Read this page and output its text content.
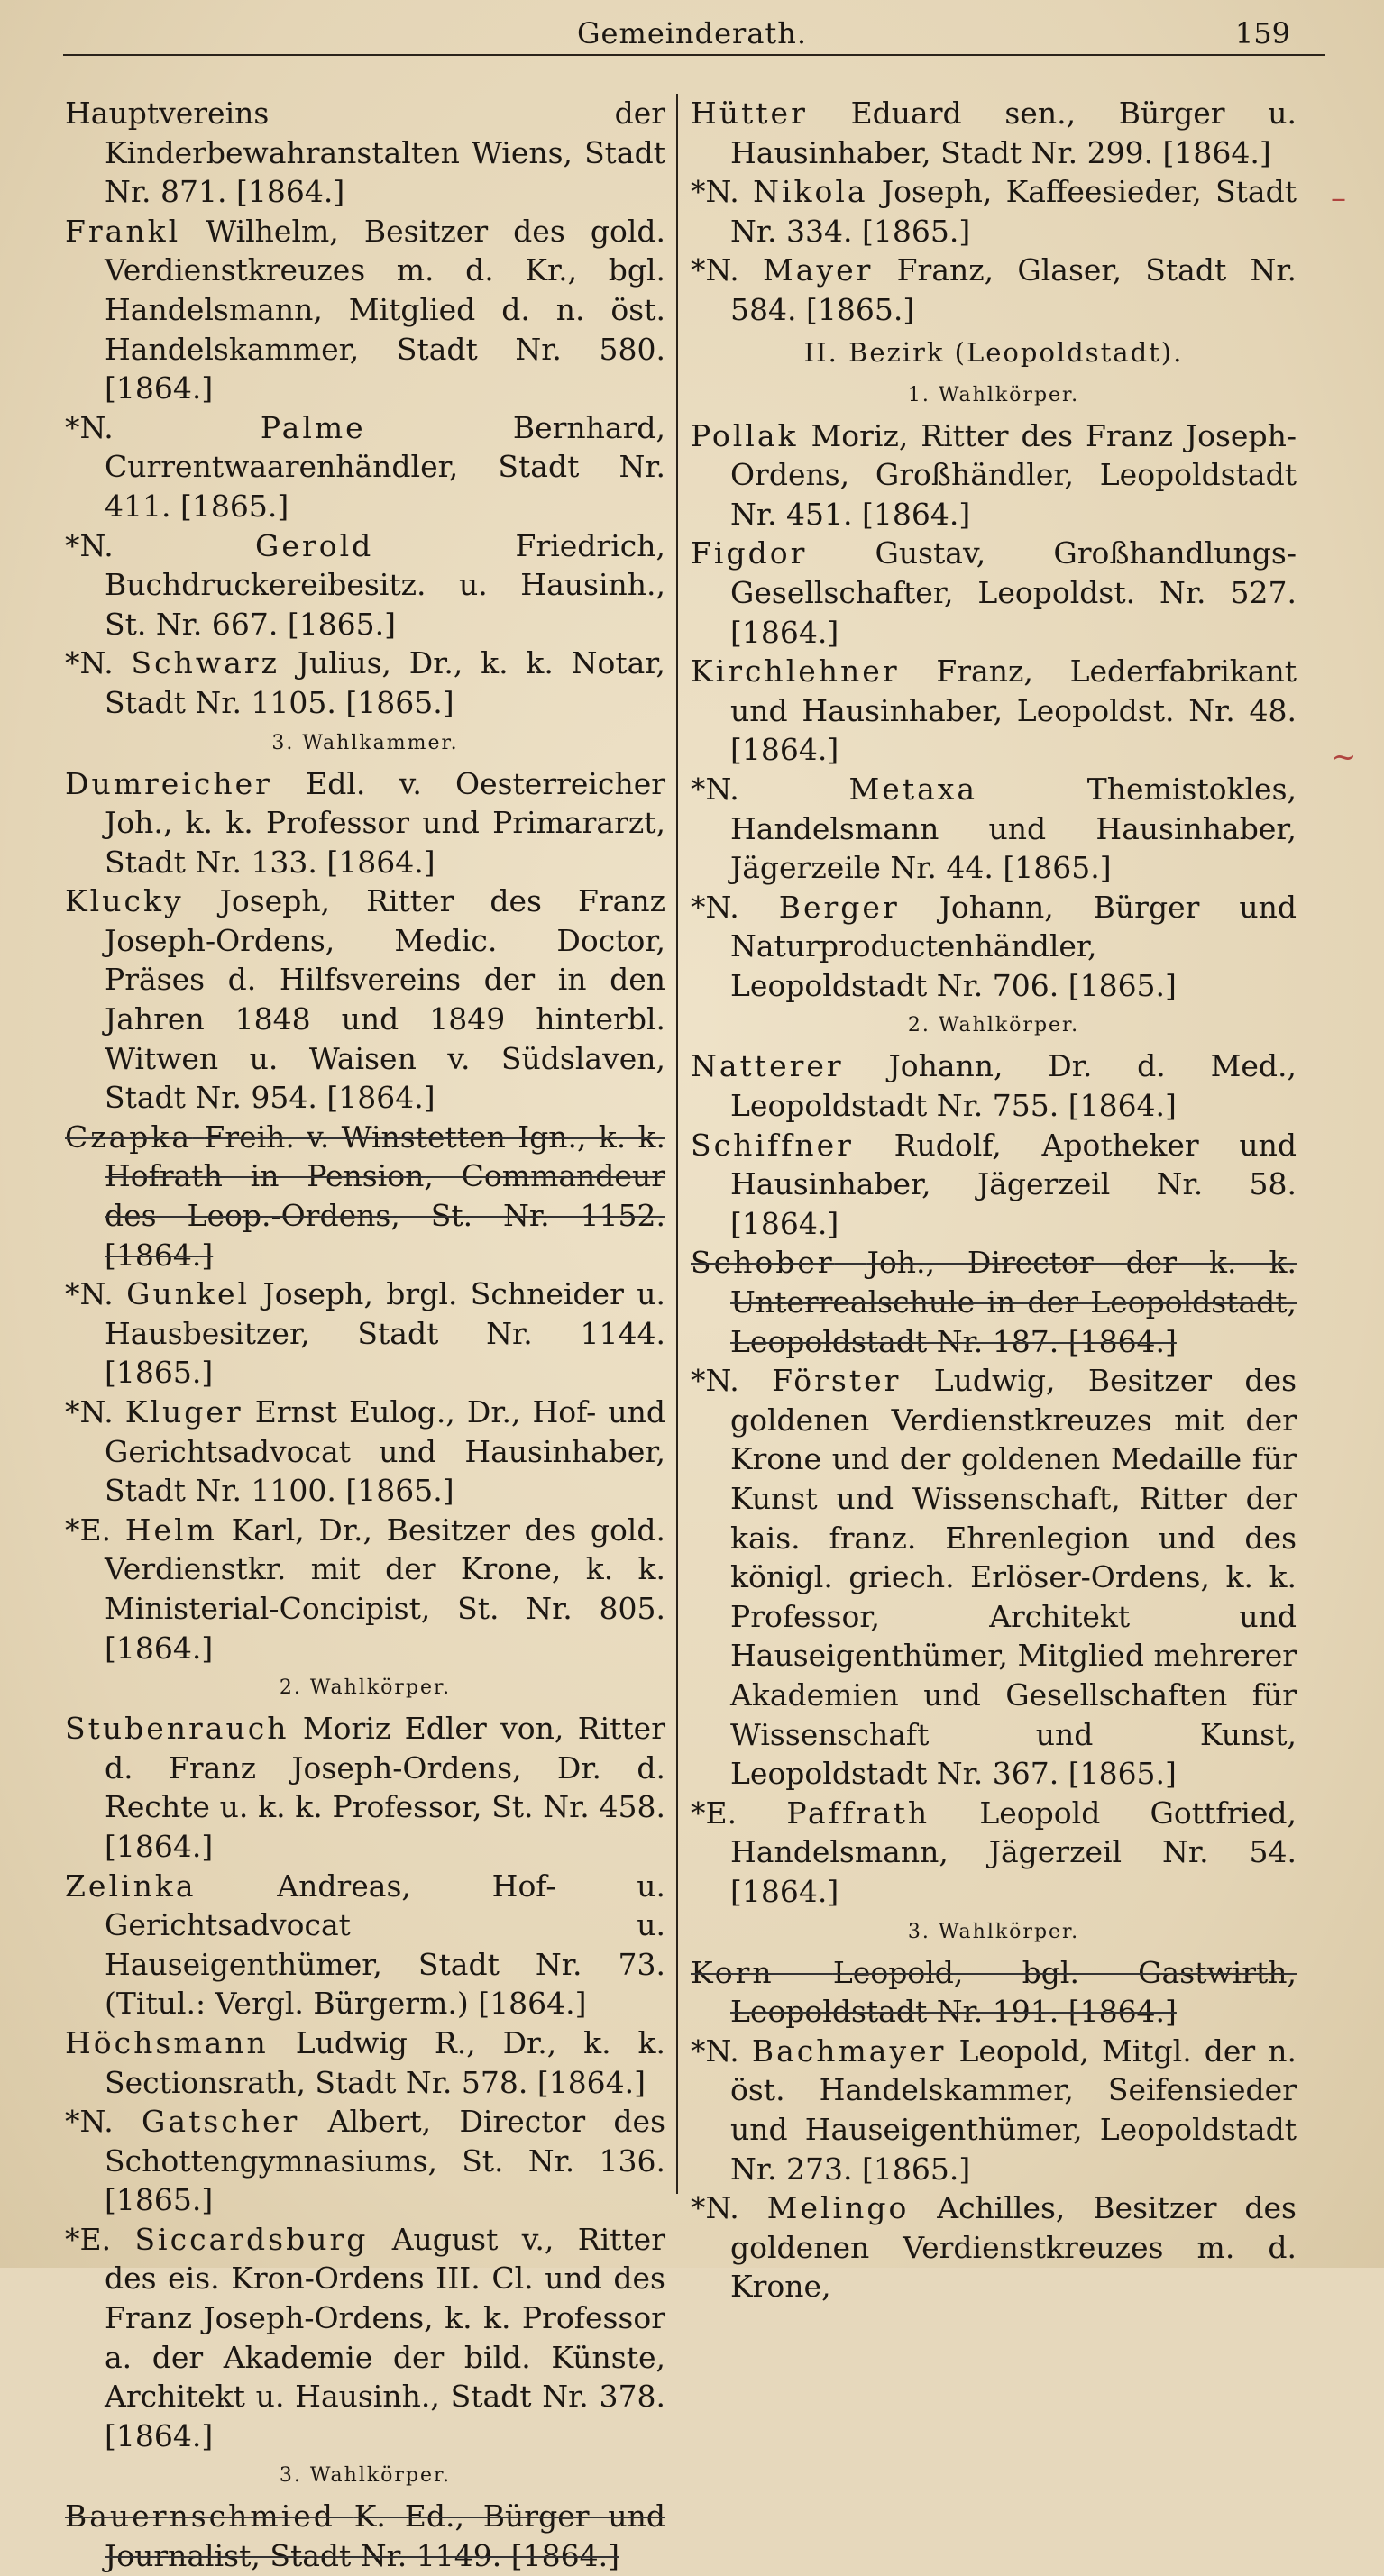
Gemeinderath.	159
Hauptvereins der Kinderbewahranstalten Wiens, Stadt Nr. 871. [1864.]
Frankl Wilhelm, Besitzer des gold. Verdienstkreuzes m. d. Kr., bgl. Handelsmann, Mitglied d. n. öst. Handelskammer, Stadt Nr. 580. [1864.]
*N.	Palme	Bernhard, Currentwaarenhändler, Stadt Nr. 411. [1865.]
*N.	Gerold	Friedrich, Buchdruckereibesitz. u. Hausinh., St. Nr. 667. [1865.]
*N. Schwarz Julius, Dr., k. k. Notar, Stadt Nr. 1105. [1865.]
3. Wahlkammer.
Dumreicher Edl. v. Oesterreicher Joh., k. k. Professor und Primararzt, Stadt Nr. 133. [1864.]
Klucky Joseph, Ritter des Franz Joseph-Ordens, Medic. Doctor, Präses d. Hilfsvereins der in den Jahren 1848 und 1849 hinterbl. Witwen u. Waisen v. Südslaven, Stadt Nr. 954. [1864.]
Czapka Freih. v. Winstetten Ign., k. k. Hofrath in Pension, Commandeur des Leop.-Ordens, St. Nr. 1152. [1864.]
*N. Gunkel Joseph, brgl. Schneider u. Hausbesitzer, Stadt Nr. 1144. [1865.]
*N. Kluger Ernst Eulog., Dr., Hof- und Gerichtsadvocat und Hausinhaber, Stadt Nr. 1100. [1865.]
*E. Helm Karl, Dr., Besitzer des gold. Verdienstkr. mit der Krone, k. k. Ministerial-Concipist, St. Nr. 805. [1864.]
2. Wahlkörper.
Stubenrauch Moriz Edler von, Ritter d. Franz Joseph-Ordens, Dr. d. Rechte u. k. k. Professor, St. Nr. 458. [1864.]
Zelinka	Andreas, Hof- u. Gerichtsadvocat u. Hauseigenthümer, Stadt Nr. 73. (Titul.: Vergl. Bürgerm.) [1864.]
Höchsmann Ludwig R., Dr., k. k. Sectionsrath, Stadt Nr. 578. [1864.]
*N. Gatscher Albert, Director des Schottengymnasiums, St. Nr. 136. [1865.]
*E. Siccardsburg August v., Ritter des eis. Kron-Ordens III. Cl. und des Franz Joseph-Ordens, k. k. Professor a. der Akademie der bild. Künste, Architekt u. Hausinh., Stadt Nr. 378. [1864.]
3. Wahlkörper.
Bauernschmied K. Ed., Bürger und Journalist, Stadt Nr. 1149. [1864.]
Hütter Eduard sen., Bürger u. Hausinhaber, Stadt Nr. 299. [1864.]
*N. Nikola Joseph, Kaffeesieder, Stadt Nr. 334. [1865.]
*N. Mayer Franz, Glaser, Stadt Nr. 584. [1865.]
II. Bezirk (Leopoldstadt).
1. Wahlkörper.
Pollak Moriz, Ritter des Franz Joseph-Ordens, Großhändler, Leopoldstadt Nr. 451. [1864.]
Figdor Gustav, Großhandlungs-Gesellschafter, Leopoldst. Nr. 527. [1864.]
Kirchlehner Franz, Lederfabrikant und Hausinhaber, Leopoldst. Nr. 48. [1864.]
*N.	Metaxa	Themistokles, Handelsmann und Hausinhaber, Jägerzeile Nr. 44. [1865.]
*N. Berger Johann, Bürger und Naturproductenhändler, Leopoldstadt Nr. 706. [1865.]
2. Wahlkörper.
Natterer Johann, Dr. d. Med., Leopoldstadt Nr. 755. [1864.]
Schiffner Rudolf, Apotheker und Hausinhaber, Jägerzeil Nr. 58. [1864.]
Schober Joh., Director der k. k. Unterrealschule in der Leopoldstadt, Leopoldstadt Nr. 187. [1864.]
*N. Förster Ludwig, Besitzer des goldenen Verdienstkreuzes mit der Krone und der goldenen Medaille für Kunst und Wissenschaft, Ritter der kais. franz. Ehrenlegion und des königl. griech. Erlöser-Ordens, k. k. Professor, Architekt und Hauseigenthümer, Mitglied mehrerer Akademien und Gesellschaften für Wissenschaft und Kunst, Leopoldstadt Nr. 367. [1865.]
*E. Paffrath Leopold Gottfried, Handelsmann, Jägerzeil Nr. 54. [1864.]
3. Wahlkörper.
Korn Leopold, bgl. Gastwirth, Leopoldstadt Nr. 191. [1864.]
*N. Bachmayer Leopold, Mitgl. der n. öst. Handelskammer, Seifensieder und Hauseigenthümer, Leopoldstadt Nr. 273. [1865.]
*N. Melingo Achilles, Besitzer des goldenen Verdienstkreuzes m. d. Krone,
–
~
